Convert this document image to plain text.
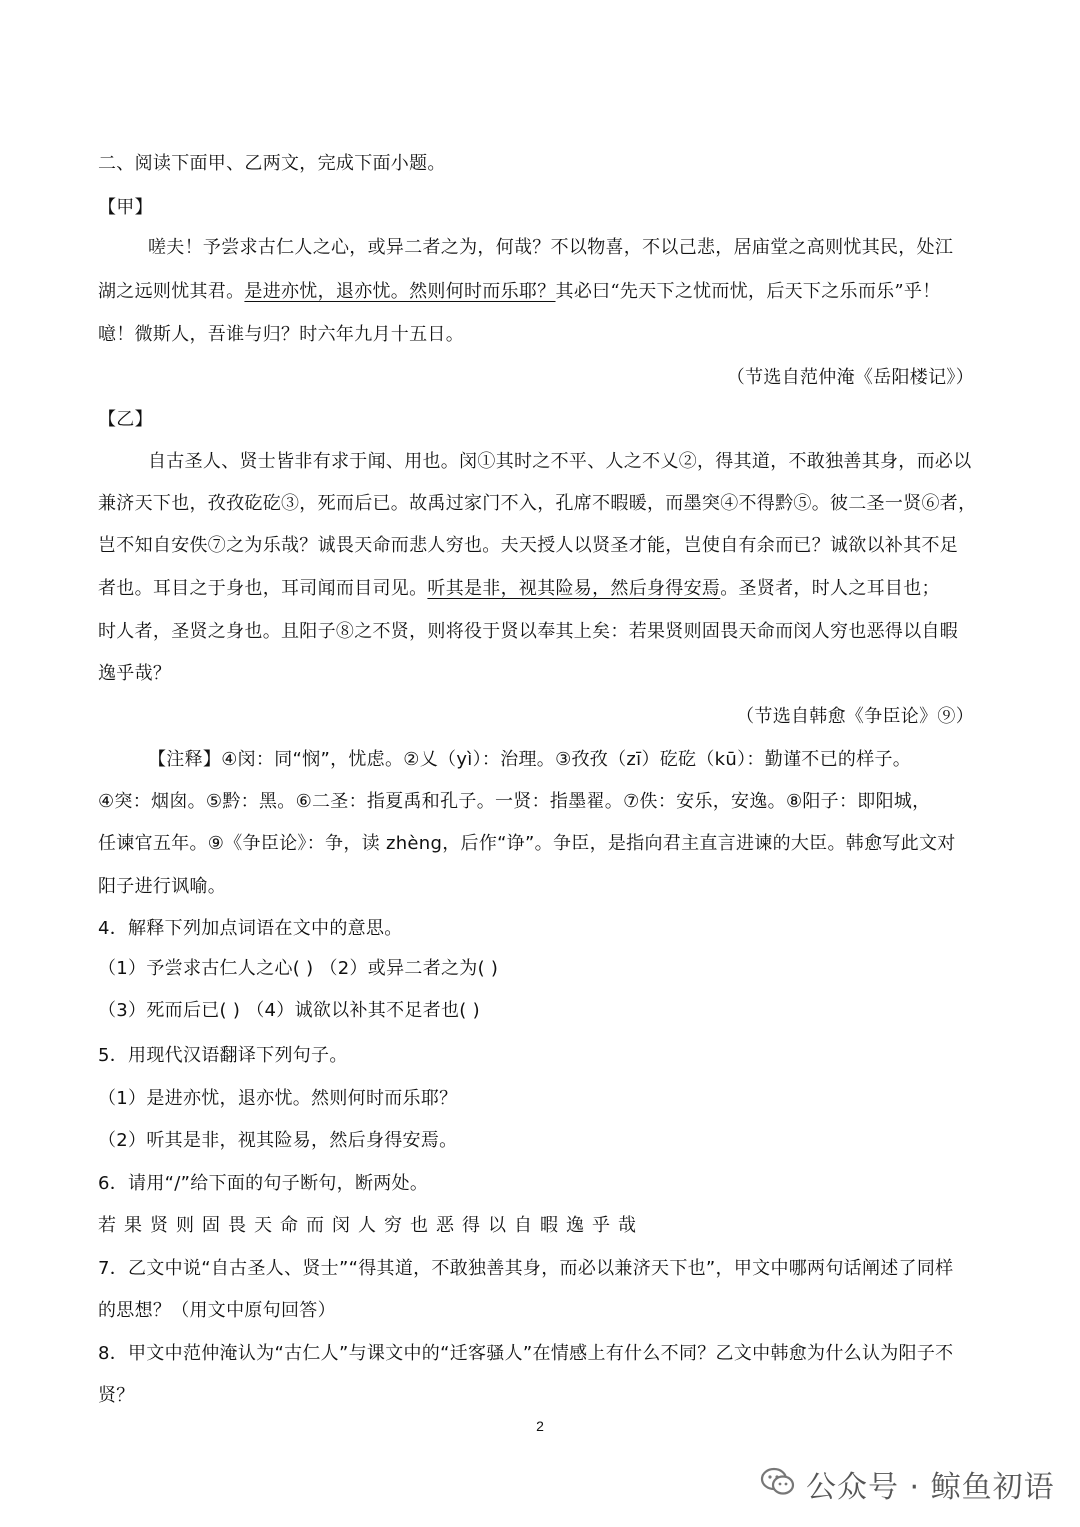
二、阅读下面甲、乙两文，完成下面小题。
【甲】
嗟夫！予尝求古仁人之心，或异二者之为，何哉？不以物喜，不以己悲，居庙堂之高则忧其民，处江
湖之远则忧其君。是进亦忧，退亦忧。然则何时而乐耶？其必曰“先天下之忧而忧，后天下之乐而乐”乎！
噫！微斯人，吾谁与归？时六年九月十五日。
（节选自范仲淹《岳阳楼记》）
【乙】
自古圣人、贤士皆非有求于闻、用也。闵①其时之不平、人之不乂②，得其道，不敢独善其身，而必以
兼济天下也，孜孜矻矻③，死而后已。故禹过家门不入，孔席不暇暖，而墨突④不得黔⑤。彼二圣一贤⑥者，
岂不知自安佚⑦之为乐哉？诚畏天命而悲人穷也。夫天授人以贤圣才能，岂使自有余而已？诚欲以补其不足
者也。耳目之于身也，耳司闻而目司见。听其是非，视其险易，然后身得安焉。圣贤者，时人之耳目也；
时人者，圣贤之身也。且阳子⑧之不贤，则将役于贤以奉其上矣：若果贤则固畏天命而闵人穷也恶得以自暇
逸乎哉？
（节选自韩愈《争臣论》⑨）
【注释】④闵：同“悯”，忧虑。②乂（yì）：治理。③孜孜（zī）矻矻（kū）：勤谨不已的样子。
④突：烟囱。⑤黔：黑。⑥二圣：指夏禹和孔子。一贤：指墨翟。⑦佚：安乐，安逸。⑧阳子：即阳城，
任谏官五年。⑨《争臣论》：争，读 zhèng，后作“诤”。争臣，是指向君主直言进谏的大臣。韩愈写此文对
阳子进行讽喻。
4．解释下列加点词语在文中的意思。
（1）予尝求古仁人之心( ) （2）或异二者之为( )
（3）死而后已( ) （4）诚欲以补其不足者也( )
5．用现代汉语翻译下列句子。
（1）是进亦忧，退亦忧。然则何时而乐耶？
（2）听其是非，视其险易，然后身得安焉。
6．请用“/”给下面的句子断句，断两处。
若果贤则固畏天命而闵人穷也恶得以自暇逸乎哉
7．乙文中说“自古圣人、贤士”“得其道，不敢独善其身，而必以兼济天下也”，甲文中哪两句话阐述了同样
的思想？（用文中原句回答）
8．甲文中范仲淹认为“古仁人”与课文中的“迁客骚人”在情感上有什么不同？乙文中韩愈为什么认为阳子不
贤？
2
公众号 · 鲸鱼初语
